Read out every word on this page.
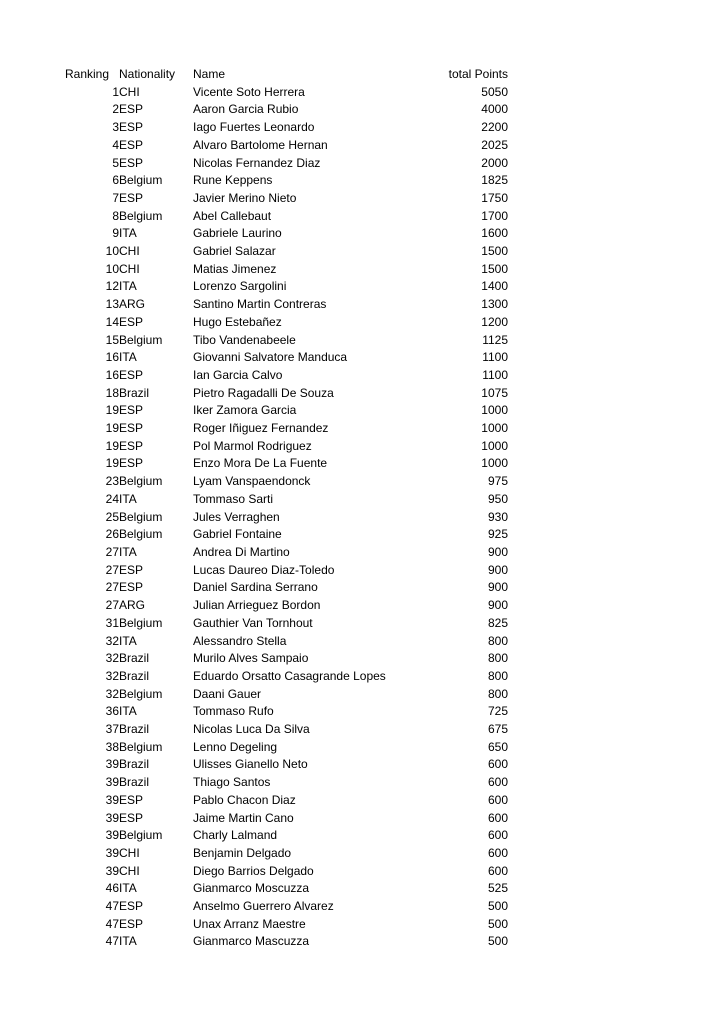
Ranking	Nationality	Name	total Points
1	CHI	Vicente Soto Herrera	5050
2	ESP	Aaron Garcia Rubio	4000
3	ESP	Iago Fuertes Leonardo	2200
4	ESP	Alvaro Bartolome Hernan	2025
5	ESP	Nicolas Fernandez Diaz	2000
6	Belgium	Rune Keppens	1825
7	ESP	Javier Merino Nieto	1750
8	Belgium	Abel Callebaut	1700
9	ITA	Gabriele Laurino	1600
10	CHI	Gabriel Salazar	1500
10	CHI	Matias Jimenez	1500
12	ITA	Lorenzo Sargolini	1400
13	ARG	Santino Martin Contreras	1300
14	ESP	Hugo Estebañez	1200
15	Belgium	Tibo Vandenabeele	1125
16	ITA	Giovanni Salvatore Manduca	1100
16	ESP	Ian Garcia Calvo	1100
18	Brazil	Pietro Ragadalli De Souza	1075
19	ESP	Iker Zamora Garcia	1000
19	ESP	Roger Iñiguez Fernandez	1000
19	ESP	Pol Marmol Rodriguez	1000
19	ESP	Enzo Mora De La Fuente	1000
23	Belgium	Lyam Vanspaendonck	975
24	ITA	Tommaso Sarti	950
25	Belgium	Jules Verraghen	930
26	Belgium	Gabriel Fontaine	925
27	ITA	Andrea Di Martino	900
27	ESP	Lucas Daureo Diaz-Toledo	900
27	ESP	Daniel Sardina Serrano	900
27	ARG	Julian Arrieguez Bordon	900
31	Belgium	Gauthier Van Tornhout	825
32	ITA	Alessandro Stella	800
32	Brazil	Murilo Alves Sampaio	800
32	Brazil	Eduardo Orsatto Casagrande Lopes	800
32	Belgium	Daani Gauer	800
36	ITA	Tommaso Rufo	725
37	Brazil	Nicolas Luca Da Silva	675
38	Belgium	Lenno Degeling	650
39	Brazil	Ulisses Gianello Neto	600
39	Brazil	Thiago Santos	600
39	ESP	Pablo Chacon Diaz	600
39	ESP	Jaime Martin Cano	600
39	Belgium	Charly Lalmand	600
39	CHI	Benjamin Delgado	600
39	CHI	Diego Barrios Delgado	600
46	ITA	Gianmarco Moscuzza	525
47	ESP	Anselmo Guerrero Alvarez	500
47	ESP	Unax Arranz Maestre	500
47	ITA	Gianmarco Mascuzza	500
